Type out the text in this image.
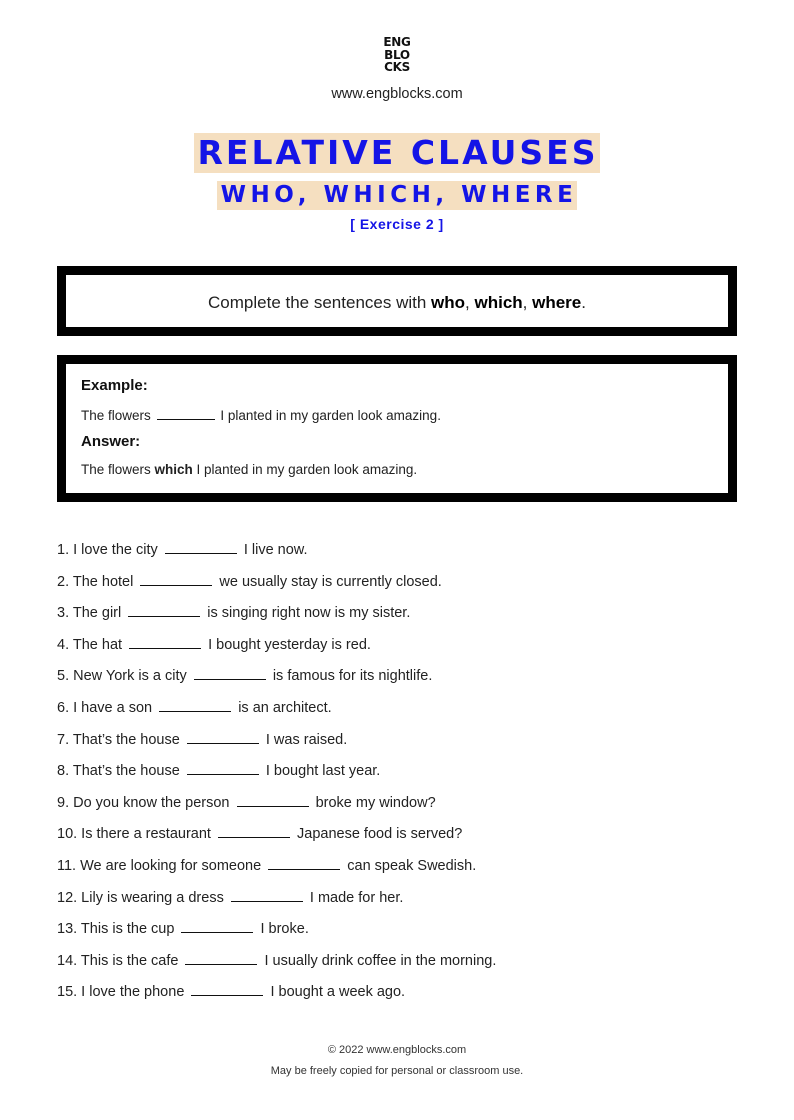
ENG
BLO
CKS
www.engblocks.com
RELATIVE CLAUSES
WHO, WHICH, WHERE
[ Exercise 2 ]
Complete the sentences with who, which, where.
Example:
The flowers	I planted in my garden look amazing.
Answer:
The flowers which I planted in my garden look amazing.
1. I love the city	I live now.
2. The hotel	we usually stay is currently closed.
3. The girl	is singing right now is my sister.
4. The hat	I bought yesterday is red.
5. New York is a city	is famous for its nightlife.
6. I have a son	is an architect.
7. That’s the house	I was raised.
8. That’s the house	I bought last year.
9. Do you know the person	broke my window?
10. Is there a restaurant	Japanese food is served?
11. We are looking for someone	can speak Swedish.
12. Lily is wearing a dress	I made for her.
13. This is the cup	I broke.
14. This is the cafe	I usually drink coffee in the morning.
15. I love the phone	I bought a week ago.
© 2022 www.engblocks.com
May be freely copied for personal or classroom use.
